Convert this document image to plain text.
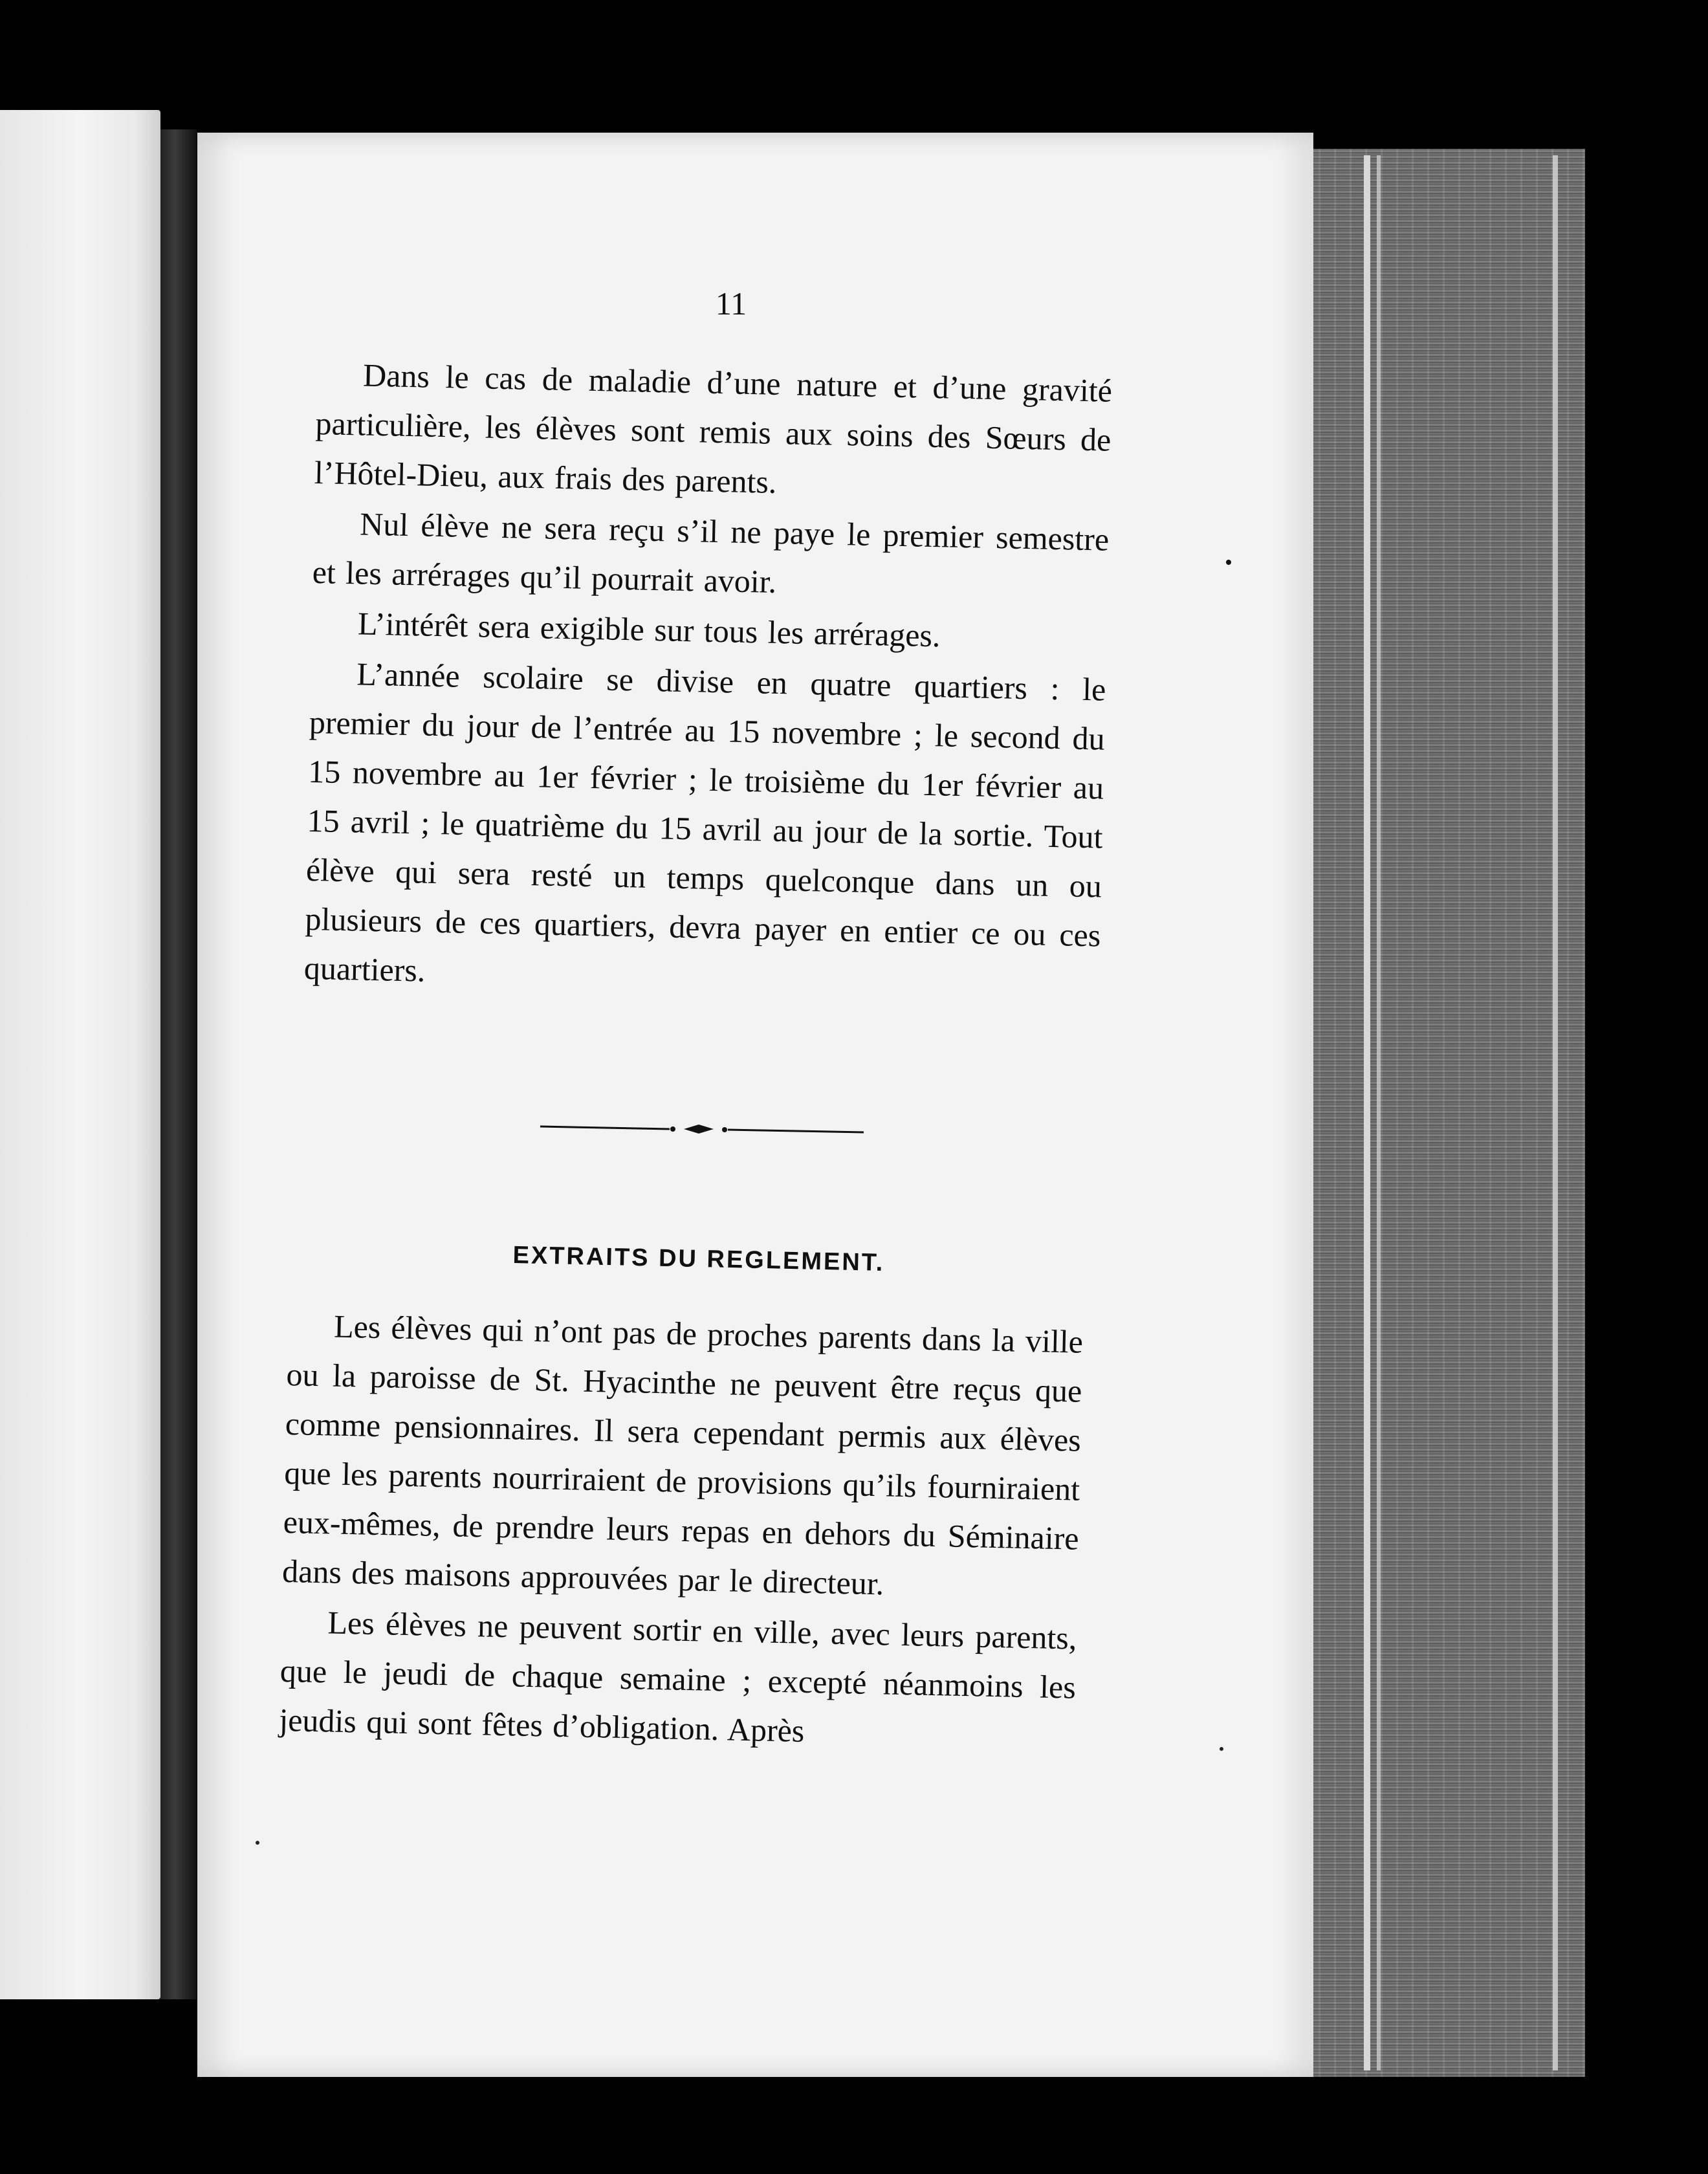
11

Dans le cas de maladie d’une nature et d’une gravité particulière, les élèves sont remis aux soins des Sœurs de l’Hôtel-Dieu, aux frais des parents.

Nul élève ne sera reçu s’il ne paye le premier semestre et les arrérages qu’il pourrait avoir.

L’intérêt sera exigible sur tous les arrérages.

L’année scolaire se divise en quatre quartiers : le premier du jour de l’entrée au 15 novembre ; le second du 15 novembre au 1er février ; le troisième du 1er février au 15 avril ; le quatrième du 15 avril au jour de la sortie. Tout élève qui sera resté un temps quelconque dans un ou plusieurs de ces quartiers, devra payer en entier ce ou ces quartiers.

EXTRAITS DU REGLEMENT.

Les élèves qui n’ont pas de proches parents dans la ville ou la paroisse de St. Hyacinthe ne peuvent être reçus que comme pensionnaires. Il sera cependant permis aux élèves que les parents nourriraient de provisions qu’ils fourniraient eux-mêmes, de prendre leurs repas en dehors du Séminaire dans des maisons approuvées par le directeur.

Les élèves ne peuvent sortir en ville, avec leurs parents, que le jeudi de chaque semaine ; excepté néanmoins les jeudis qui sont fêtes d’obligation. Après
